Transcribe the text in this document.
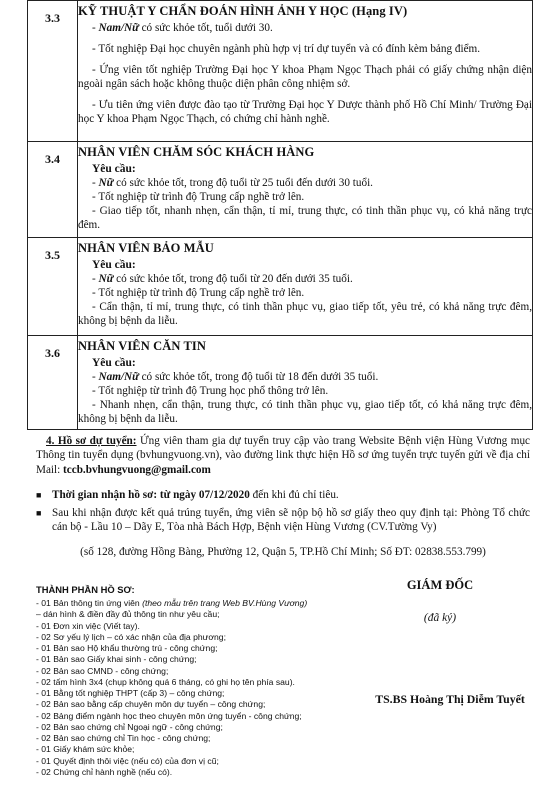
3.3	KỸ THUẬT Y CHẨN ĐOÁN HÌNH ẢNH Y HỌC (Hạng IV)
- Nam/Nữ có sức khỏe tốt, tuổi dưới 30.
- Tốt nghiệp Đại học chuyên ngành phù hợp vị trí dự tuyển và có đính kèm bảng điểm.
- Ứng viên tốt nghiệp Trường Đại học Y khoa Phạm Ngọc Thạch phải có giấy chứng nhận diện ngoài ngân sách hoặc không thuộc diện phân công nhiệm sở.
- Ưu tiên ứng viên được đào tạo từ Trường Đại học Y Dược thành phố Hồ Chí Minh/ Trường Đại học Y khoa Phạm Ngọc Thạch, có chứng chỉ hành nghề.

3.4	NHÂN VIÊN CHĂM SÓC KHÁCH HÀNG
Yêu cầu:
- Nữ có sức khỏe tốt, trong độ tuổi từ 25 tuổi đến dưới 30 tuổi.
- Tốt nghiệp từ trình độ Trung cấp nghề trở lên.
- Giao tiếp tốt, nhanh nhẹn, cẩn thận, tỉ mỉ, trung thực, có tinh thần phục vụ, có khả năng trực đêm.

3.5	NHÂN VIÊN BẢO MẪU
Yêu cầu:
- Nữ có sức khỏe tốt, trong độ tuổi từ 20 đến dưới 35 tuổi.
- Tốt nghiệp từ trình độ Trung cấp nghề trở lên.
- Cẩn thận, tỉ mỉ, trung thực, có tinh thần phục vụ, giao tiếp tốt, yêu trẻ, có khả năng trực đêm, không bị bệnh da liễu.

3.6	NHÂN VIÊN CĂN TIN
Yêu cầu:
- Nam/Nữ có sức khỏe tốt, trong độ tuổi từ 18 đến dưới 35 tuổi.
- Tốt nghiệp từ trình độ Trung học phổ thông trở lên.
- Nhanh nhẹn, cẩn thận, trung thực, có tinh thần phục vụ, giao tiếp tốt, có khả năng trực đêm, không bị bệnh da liễu.
4. Hồ sơ dự tuyển: Ứng viên tham gia dự tuyển truy cập vào trang Website Bệnh viện Hùng Vương mục Thông tin tuyển dụng (bvhungvuong.vn), vào đường link thực hiện Hồ sơ ứng tuyển trực tuyến gửi về địa chỉ Mail: tccb.bvhungvuong@gmail.com
■ Thời gian nhận hồ sơ: từ ngày 07/12/2020 đến khi đủ chỉ tiêu.
■ Sau khi nhận được kết quả trúng tuyển, ứng viên sẽ nộp bộ hồ sơ giấy theo quy định tại: Phòng Tổ chức cán bộ - Lầu 10 – Dãy E, Tòa nhà Bách Hợp, Bệnh viện Hùng Vương (CV.Tường Vy)
(số 128, đường Hồng Bàng, Phường 12, Quận 5, TP.Hồ Chí Minh; Số ĐT: 02838.553.799)
THÀNH PHẦN HỒ SƠ:
- 01 Bản thông tin ứng viên (theo mẫu trên trang Web BV.Hùng Vương)
– dán hình & điền đầy đủ thông tin như yêu cầu;
- 01 Đơn xin việc (Viết tay).
- 02 Sơ yếu lý lịch – có xác nhận của địa phương;
- 01 Bản sao Hộ khẩu thường trú - công chứng;
- 01 Bản sao Giấy khai sinh - công chứng;
- 02 Bản sao CMND - công chứng;
- 02 tấm hình 3x4 (chụp không quá 6 tháng, có ghi họ tên phía sau).
- 01 Bằng tốt nghiệp THPT (cấp 3) – công chứng;
- 02 Bản sao bằng cấp chuyên môn dự tuyển – công chứng;
- 02 Bảng điểm ngành học theo chuyên môn ứng tuyển - công chứng;
- 02 Bản sao chứng chỉ Ngoại ngữ - công chứng;
- 02 Bản sao chứng chỉ Tin học - công chứng;
- 01 Giấy khám sức khỏe;
- 01 Quyết định thôi việc (nếu có) của đơn vị cũ;
- 02 Chứng chỉ hành nghề (nếu có).
GIÁM ĐỐC
(đã ký)
TS.BS Hoàng Thị Diễm Tuyết
